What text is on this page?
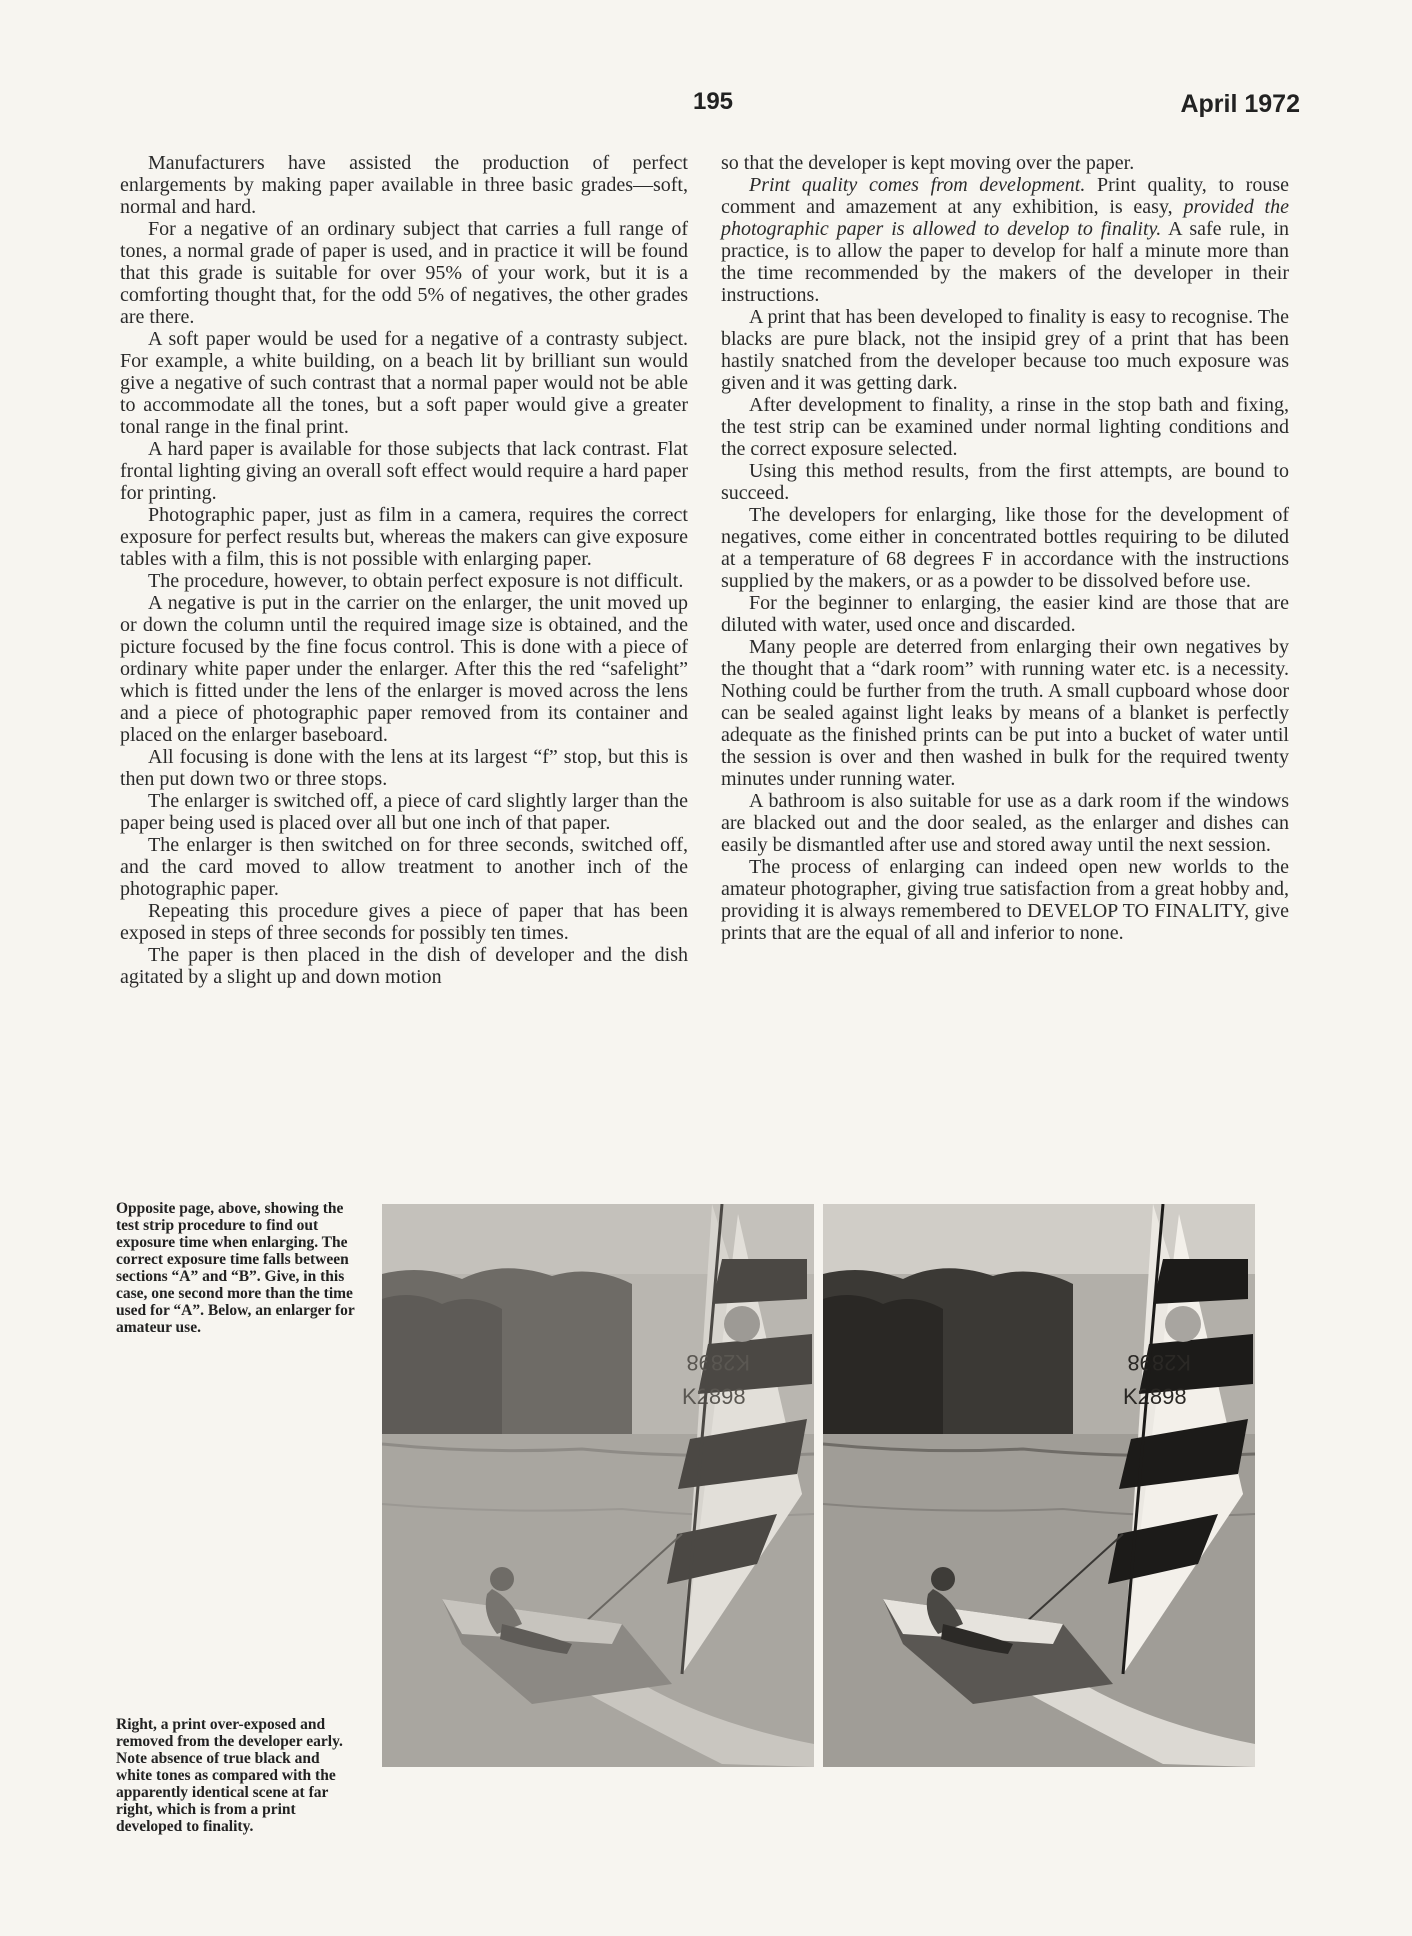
195	April 1972

Manufacturers have assisted the production of perfect enlargements by making paper available in three basic grades—soft, normal and hard.

For a negative of an ordinary subject that carries a full range of tones, a normal grade of paper is used, and in practice it will be found that this grade is suitable for over 95% of your work, but it is a comforting thought that, for the odd 5% of negatives, the other grades are there.

A soft paper would be used for a negative of a contrasty subject. For example, a white building, on a beach lit by brilliant sun would give a negative of such contrast that a normal paper would not be able to accommodate all the tones, but a soft paper would give a greater tonal range in the final print.

A hard paper is available for those subjects that lack contrast. Flat frontal lighting giving an overall soft effect would require a hard paper for printing.

Photographic paper, just as film in a camera, requires the correct exposure for perfect results but, whereas the makers can give exposure tables with a film, this is not possible with enlarging paper.

The procedure, however, to obtain perfect exposure is not difficult.

A negative is put in the carrier on the enlarger, the unit moved up or down the column until the required image size is obtained, and the picture focused by the fine focus control. This is done with a piece of ordinary white paper under the enlarger. After this the red “safelight” which is fitted under the lens of the enlarger is moved across the lens and a piece of photographic paper removed from its container and placed on the enlarger baseboard.

All focusing is done with the lens at its largest “f” stop, but this is then put down two or three stops.

The enlarger is switched off, a piece of card slightly larger than the paper being used is placed over all but one inch of that paper.

The enlarger is then switched on for three seconds, switched off, and the card moved to allow treatment to another inch of the photographic paper.

Repeating this procedure gives a piece of paper that has been exposed in steps of three seconds for possibly ten times.

The paper is then placed in the dish of developer and the dish agitated by a slight up and down motion

so that the developer is kept moving over the paper.

Print quality comes from development. Print quality, to rouse comment and amazement at any exhibition, is easy, provided the photographic paper is allowed to develop to finality. A safe rule, in practice, is to allow the paper to develop for half a minute more than the time recommended by the makers of the developer in their instructions.

A print that has been developed to finality is easy to recognise. The blacks are pure black, not the insipid grey of a print that has been hastily snatched from the developer because too much exposure was given and it was getting dark.

After development to finality, a rinse in the stop bath and fixing, the test strip can be examined under normal lighting conditions and the correct exposure selected.

Using this method results, from the first attempts, are bound to succeed.

The developers for enlarging, like those for the development of negatives, come either in concentrated bottles requiring to be diluted at a temperature of 68 degrees F in accordance with the instructions supplied by the makers, or as a powder to be dissolved before use.

For the beginner to enlarging, the easier kind are those that are diluted with water, used once and discarded.

Many people are deterred from enlarging their own negatives by the thought that a “dark room” with running water etc. is a necessity. Nothing could be further from the truth. A small cupboard whose door can be sealed against light leaks by means of a blanket is perfectly adequate as the finished prints can be put into a bucket of water until the session is over and then washed in bulk for the required twenty minutes under running water.

A bathroom is also suitable for use as a dark room if the windows are blacked out and the door sealed, as the enlarger and dishes can easily be dismantled after use and stored away until the next session.

The process of enlarging can indeed open new worlds to the amateur photographer, giving true satisfaction from a great hobby and, providing it is always remembered to DEVELOP TO FINALITY, give prints that are the equal of all and inferior to none.

Opposite page, above, showing the test strip procedure to find out exposure time when enlarging. The correct exposure time falls between sections “A” and “B”. Give, in this case, one second more than the time used for “A”. Below, an enlarger for amateur use.
Right, a print over-exposed and removed from the developer early. Note absence of true black and white tones as compared with the apparently identical scene at far right, which is from a print developed to finality.
K2898
K2898
K2898
K2898
